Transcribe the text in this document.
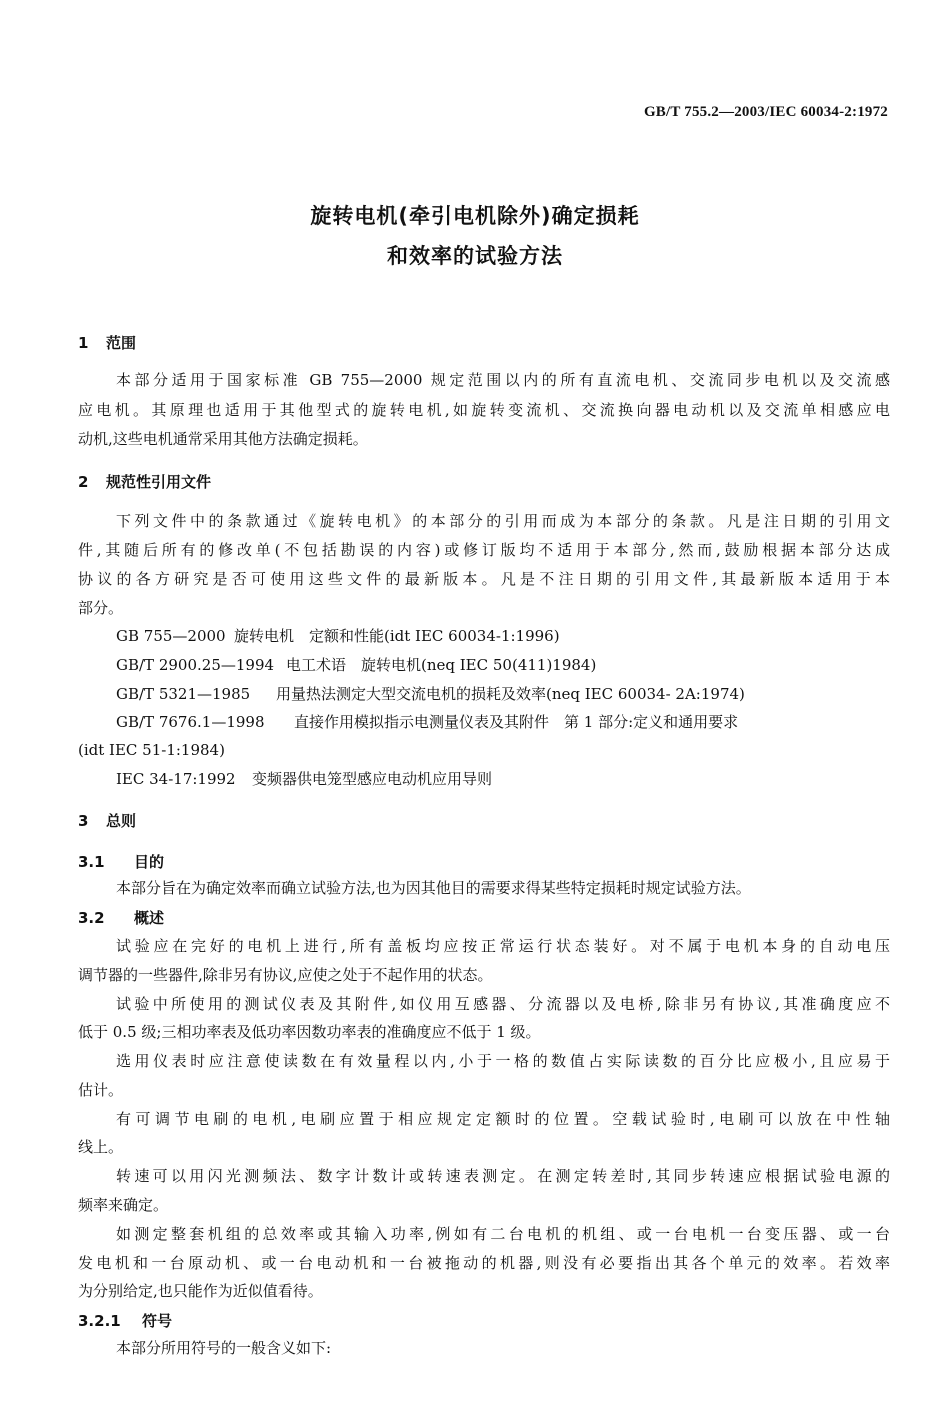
GB/T 755.2—2003/IEC 60034-2:1972
旋转电机(牵引电机除外)确定损耗
和效率的试验方法
1 范围
本部分适用于国家标准 GB 755—2000 规定范围以内的所有直流电机、交流同步电机以及交流感
应电机。其原理也适用于其他型式的旋转电机,如旋转变流机、交流换向器电动机以及交流单相感应电
动机,这些电机通常采用其他方法确定损耗。
2 规范性引用文件
下列文件中的条款通过《旋转电机》的本部分的引用而成为本部分的条款。凡是注日期的引用文
件,其随后所有的修改单(不包括勘误的内容)或修订版均不适用于本部分,然而,鼓励根据本部分达成
协议的各方研究是否可使用这些文件的最新版本。凡是不注日期的引用文件,其最新版本适用于本
部分。
GB 755—2000 旋转电机　定额和性能(idt IEC 60034-1:1996)
GB/T 2900.25—1994 电工术语　旋转电机(neq IEC 50(411)1984)
GB/T 5321—1985 用量热法测定大型交流电机的损耗及效率(neq IEC 60034- 2A:1974)
GB/T 7676.1—1998 直接作用模拟指示电测量仪表及其附件　第 1 部分:定义和通用要求
(idt IEC 51-1:1984)
IEC 34-17:1992 变频器供电笼型感应电动机应用导则
3 总则
3.1 目的
本部分旨在为确定效率而确立试验方法,也为因其他目的需要求得某些特定损耗时规定试验方法。
3.2 概述
试验应在完好的电机上进行,所有盖板均应按正常运行状态装好。对不属于电机本身的自动电压
调节器的一些器件,除非另有协议,应使之处于不起作用的状态。
试验中所使用的测试仪表及其附件,如仪用互感器、分流器以及电桥,除非另有协议,其准确度应不
低于 0.5 级;三相功率表及低功率因数功率表的准确度应不低于 1 级。
选用仪表时应注意使读数在有效量程以内,小于一格的数值占实际读数的百分比应极小,且应易于
估计。
有可调节电刷的电机,电刷应置于相应规定定额时的位置。空载试验时,电刷可以放在中性轴
线上。
转速可以用闪光测频法、数字计数计或转速表测定。在测定转差时,其同步转速应根据试验电源的
频率来确定。
如测定整套机组的总效率或其输入功率,例如有二台电机的机组、或一台电机一台变压器、或一台
发电机和一台原动机、或一台电动机和一台被拖动的机器,则没有必要指出其各个单元的效率。若效率
为分别给定,也只能作为近似值看待。
3.2.1 符号
本部分所用符号的一般含义如下:
